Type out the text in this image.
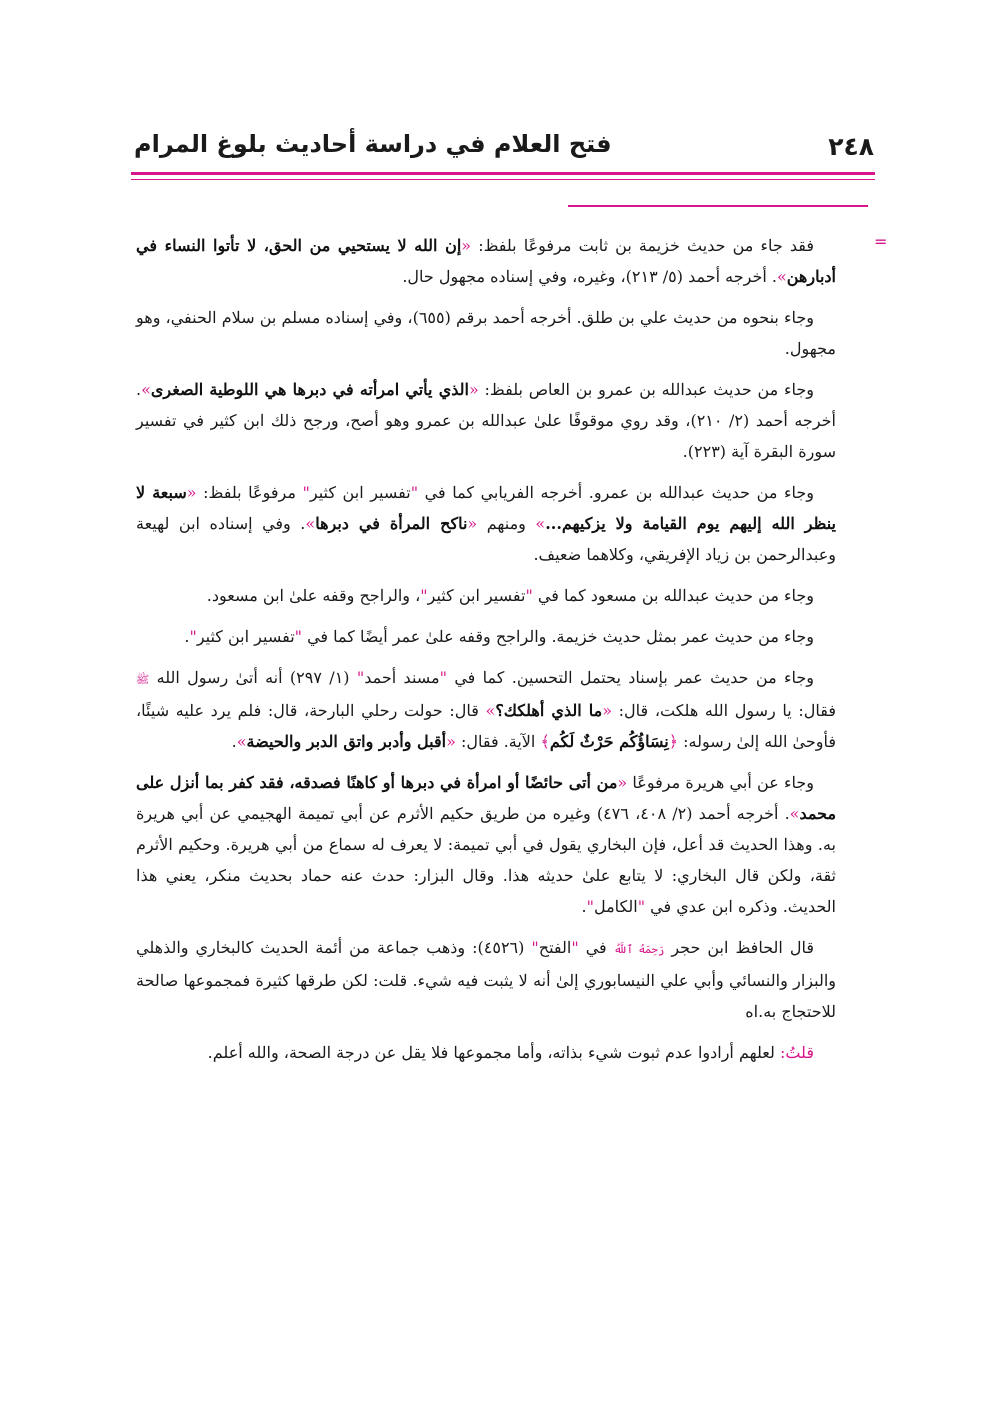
٢٤٨
فتح العلام في دراسة أحاديث بلوغ المرام
=

فقد جاء من حديث خزيمة بن ثابت مرفوعًا بلفظ: «إن الله لا يستحيي من الحق، لا تأتوا النساء في أدبارهن». أخرجه أحمد (٥/ ٢١٣)، وغيره، وفي إسناده مجهول حال.

وجاء بنحوه من حديث علي بن طلق. أخرجه أحمد برقم (٦٥٥)، وفي إسناده مسلم بن سلام الحنفي، وهو مجهول.

وجاء من حديث عبدالله بن عمرو بن العاص بلفظ: «الذي يأتي امرأته في دبرها هي اللوطية الصغرى». أخرجه أحمد (٢/ ٢١٠)، وقد روي موقوفًا علىٰ عبدالله بن عمرو وهو أصح، ورجح ذلك ابن كثير في تفسير سورة البقرة آية (٢٢٣).

وجاء من حديث عبدالله بن عمرو. أخرجه الفريابي كما في "تفسير ابن كثير" مرفوعًا بلفظ: «سبعة لا ينظر الله إليهم يوم القيامة ولا يزكيهم...» ومنهم «ناكح المرأة في دبرها». وفي إسناده ابن لهيعة وعبدالرحمن بن زياد الإفريقي، وكلاهما ضعيف.

وجاء من حديث عبدالله بن مسعود كما في "تفسير ابن كثير"، والراجح وقفه علىٰ ابن مسعود.

وجاء من حديث عمر بمثل حديث خزيمة. والراجح وقفه علىٰ عمر أيضًا كما في "تفسير ابن كثير".

وجاء من حديث عمر بإسناد يحتمل التحسين. كما في "مسند أحمد" (١/ ٢٩٧) أنه أتىٰ رسول الله ﷺ فقال: يا رسول الله هلكت، قال: «ما الذي أهلكك؟» قال: حولت رحلي البارحة، قال: فلم يرد عليه شيئًا، فأوحىٰ الله إلىٰ رسوله: ﴿نِسَاؤُكُم حَرْثٌ لَكُم﴾ الآية. فقال: «أقبل وأدبر واتق الدبر والحيضة».

وجاء عن أبي هريرة مرفوعًا «من أتى حائضًا أو امرأة في دبرها أو كاهنًا فصدقه، فقد كفر بما أنزل على محمد». أخرجه أحمد (٢/ ٤٠٨، ٤٧٦) وغيره من طريق حكيم الأثرم عن أبي تميمة الهجيمي عن أبي هريرة به. وهذا الحديث قد أعل، فإن البخاري يقول في أبي تميمة: لا يعرف له سماع من أبي هريرة. وحكيم الأثرم ثقة، ولكن قال البخاري: لا يتابع علىٰ حديثه هذا. وقال البزار: حدث عنه حماد بحديث منكر، يعني هذا الحديث. وذكره ابن عدي في "الكامل".

قال الحافظ ابن حجر رَحِمَهُ ٱللَّهُ في "الفتح" (٤٥٢٦): وذهب جماعة من أئمة الحديث كالبخاري والذهلي والبزار والنسائي وأبي علي النيسابوري إلىٰ أنه لا يثبت فيه شيء. قلت: لكن طرقها كثيرة فمجموعها صالحة للاحتجاج به.اه

قلتُ: لعلهم أرادوا عدم ثبوت شيء بذاته، وأما مجموعها فلا يقل عن درجة الصحة، والله أعلم.
